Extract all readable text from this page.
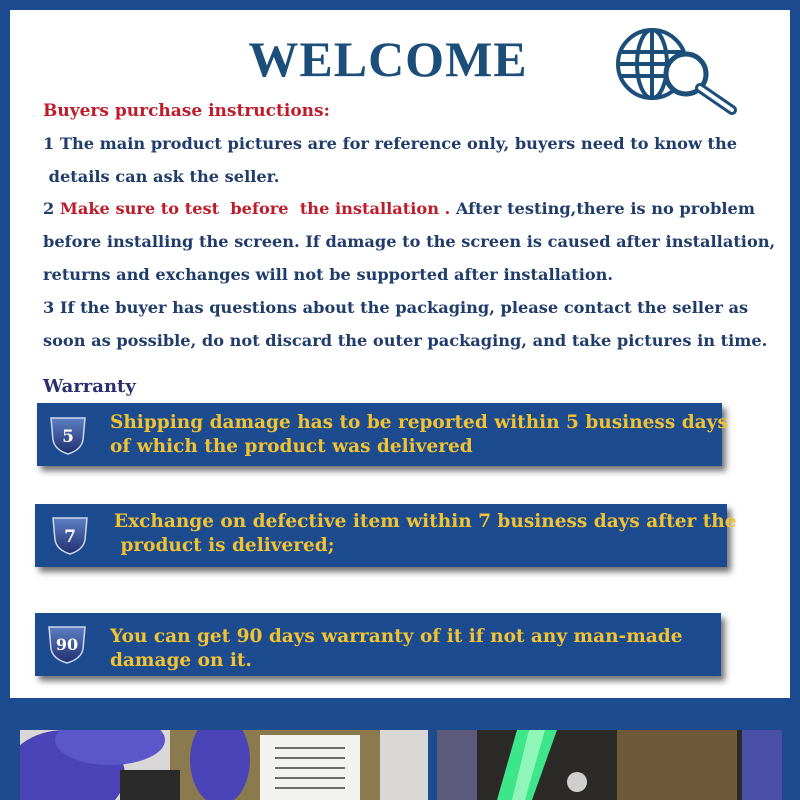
WELCOME
Buyers purchase instructions:
1 The main product pictures are for reference only, buyers need to know the
details can ask the seller.
2 Make sure to test  before  the installation . After testing,there is no problem
before installing the screen. If damage to the screen is caused after installation,
returns and exchanges will not be supported after installation.
3 If the buyer has questions about the packaging, please contact the seller as
soon as possible, do not discard the outer packaging, and take pictures in time.
Warranty
5
Shipping damage has to be reported within 5 business days
of which the product was delivered
7
Exchange on defective item within 7 business days after the
product is delivered;
90 You can get 90 days warranty of it if not any man-made
damage on it.
